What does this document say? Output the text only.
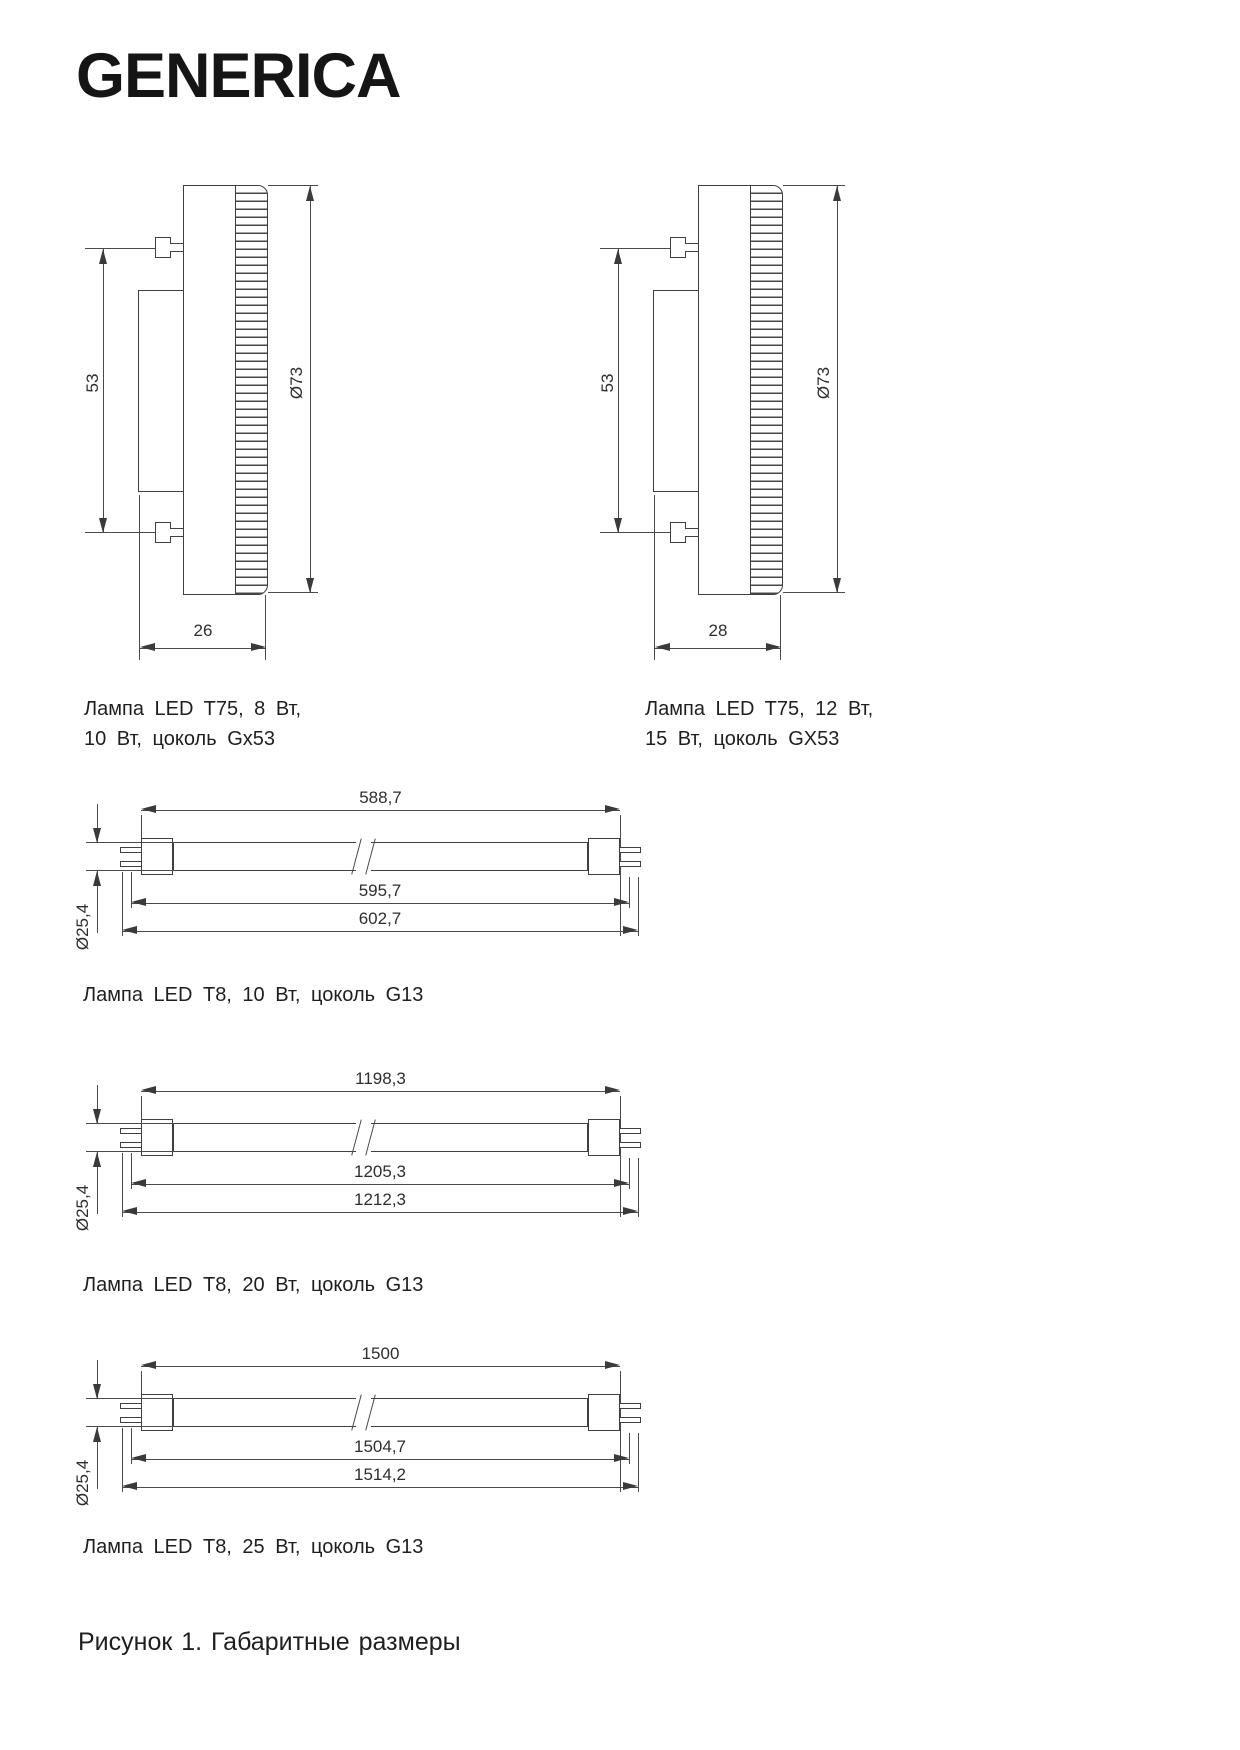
GENERICA
53	Ø73
26
53	Ø73
28
Лампа LED T75, 8 Вт,
10 Вт, цоколь Gx53
Лампа LED T75, 12 Вт,
15 Вт, цоколь GX53
588,7
595,7
602,7
Ø25,4
Лампа LED Т8, 10 Вт, цоколь G13
1198,3
1205,3
1212,3
Ø25,4
Лампа LED Т8, 20 Вт, цоколь G13
1500
1504,7
1514,2
Ø25,4
Лампа LED Т8, 25 Вт, цоколь G13
Рисунок 1. Габаритные размеры
